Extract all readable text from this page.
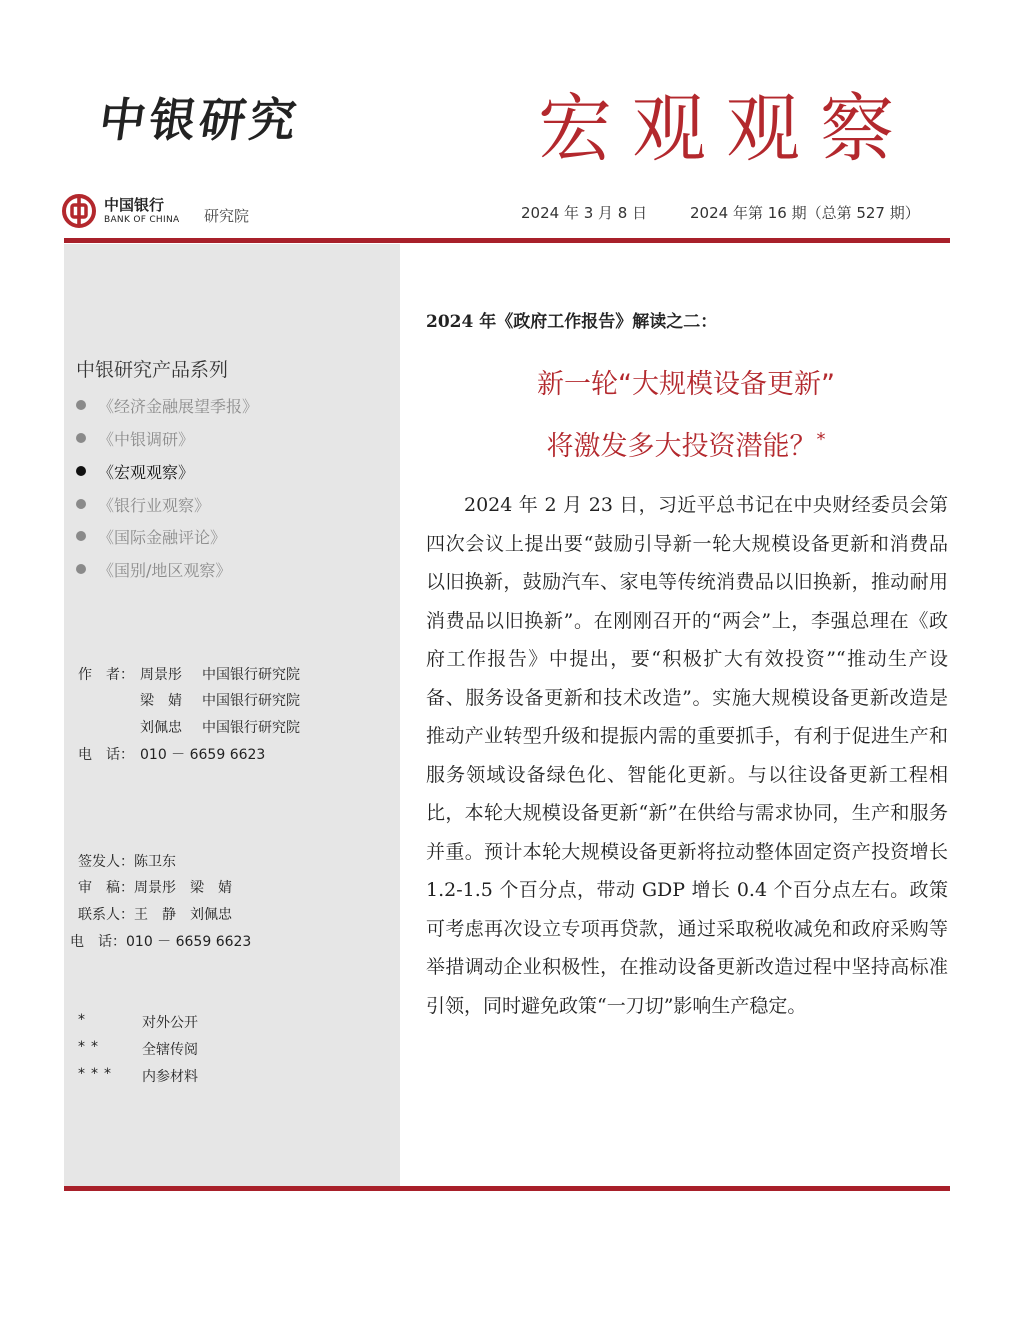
中银研究	宏观观察
中国银行
BANK OF CHINA 研究院	2024 年 3 月 8 日	2024 年第 16 期（总第 527 期）
中银研究产品系列
《经济金融展望季报》
《中银调研》
《宏观观察》
《银行业观察》
《国际金融评论》
《国别/地区观察》
作　者： 周景彤 中国银行研究院
梁　婧 中国银行研究院
刘佩忠 中国银行研究院
电　话： 010 － 6659 6623
签发人：陈卫东
审　稿：周景彤　梁　婧
联系人：王　静　刘佩忠
电　话：010 － 6659 6623
*	对外公开
**	全辖传阅
*** 内参材料
2024 年《政府工作报告》解读之二：
新一轮“大规模设备更新”
将激发多大投资潜能？*
2024 年 2 月 23 日，习近平总书记在中央财经委员会第四次会议上提出要“鼓励引导新一轮大规模设备更新和消费品以旧换新，鼓励汽车、家电等传统消费品以旧换新，推动耐用消费品以旧换新”。在刚刚召开的“两会”上，李强总理在《政府工作报告》中提出，要“积极扩大有效投资”“推动生产设备、服务设备更新和技术改造”。实施大规模设备更新改造是推动产业转型升级和提振内需的重要抓手，有利于促进生产和服务领域设备绿色化、智能化更新。与以往设备更新工程相比，本轮大规模设备更新“新”在供给与需求协同，生产和服务并重。预计本轮大规模设备更新将拉动整体固定资产投资增长 1.2-1.5 个百分点，带动 GDP 增长 0.4 个百分点左右。政策可考虑再次设立专项再贷款，通过采取税收减免和政府采购等举措调动企业积极性，在推动设备更新改造过程中坚持高标准引领，同时避免政策“一刀切”影响生产稳定。
